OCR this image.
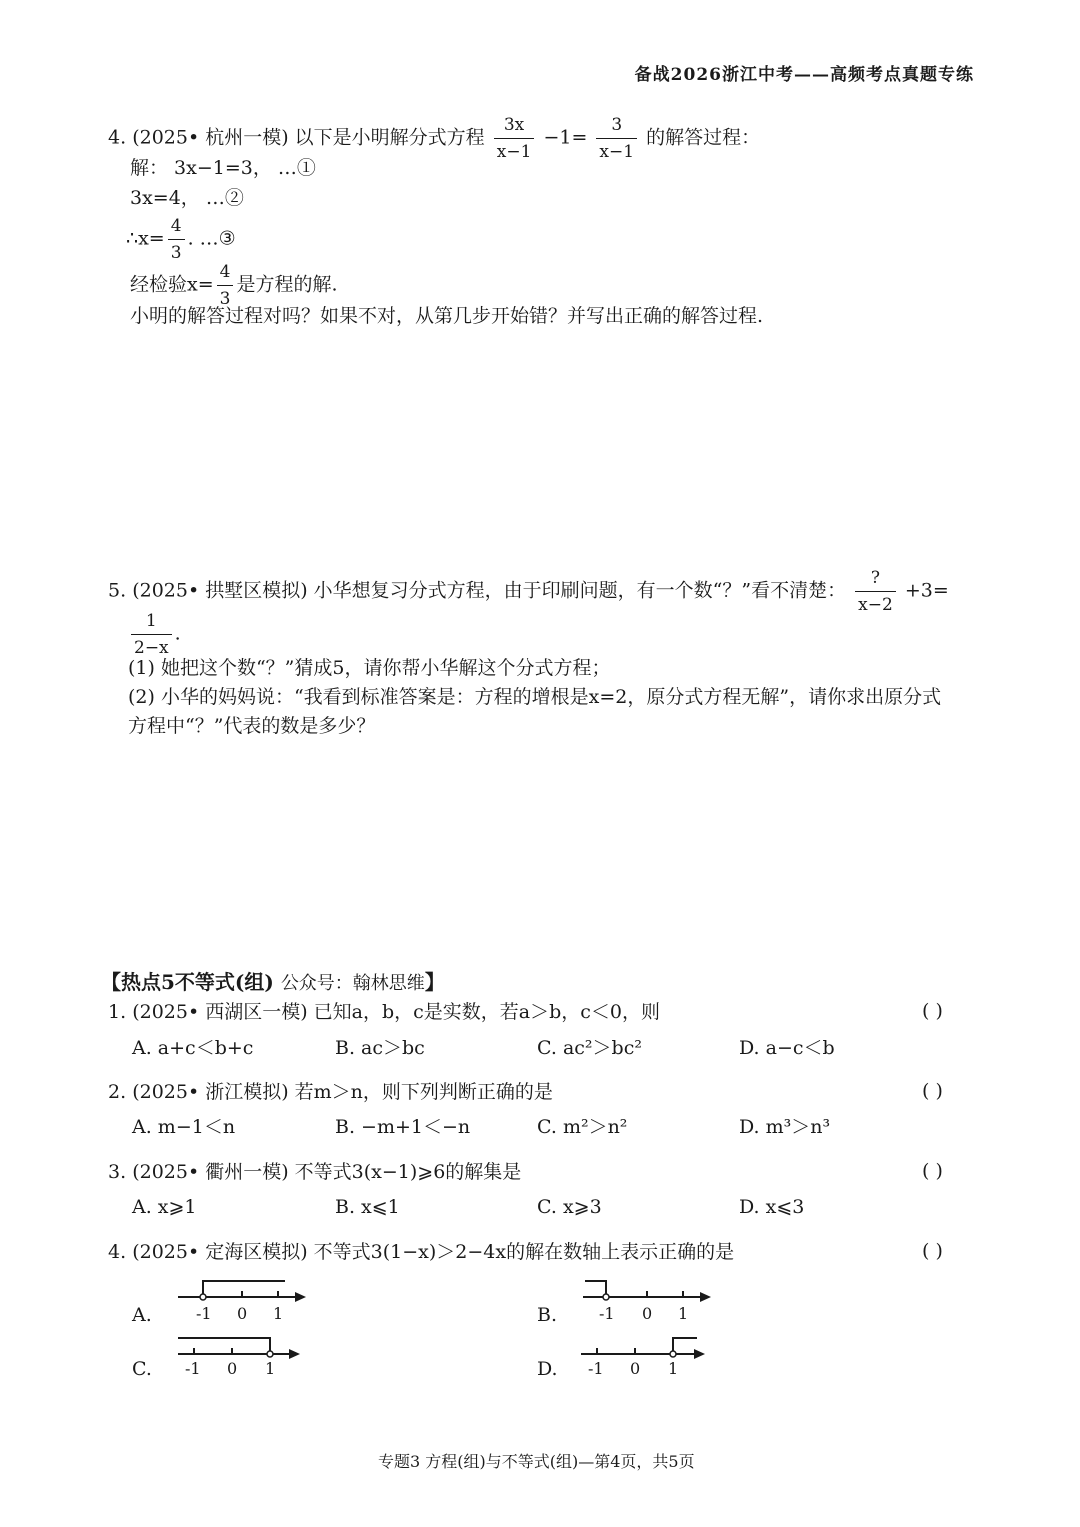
备战2026浙江中考——高频考点真题专练
4. (2025• 杭州一模) 以下是小明解分式方程 $\frac{3x}{x-1} -1= \frac{3}{x-1}$ 的解答过程：
解： 3x−1=3， …①
3x=4， …②
∴x= $\frac{4}{3}$ . …③
经检验$x= \frac{4}{3}$ 是方程的解.
小明的解答过程对吗？如果不对，从第几步开始错？并写出正确的解答过程.
5. (2025• 拱墅区模拟) 小华想复习分式方程，由于印刷问题，有一个数“？”看不清楚： $\frac{?}{x-2} +3=$
$\frac{1}{2-x}$ .
(1) 她把这个数“？”猜成5，请你帮小华解这个分式方程；
(2) 小华的妈妈说：“我看到标准答案是：方程的增根是x=2，原分式方程无解”，请你求出原分式
方程中“？”代表的数是多少？
【热点5不等式(组) 公众号：翰林思维】
1. (2025• 西湖区一模) 已知a，b，c是实数，若a＞b，c＜0，则	( )
A. a+c＜b+c	B. ac＞bc	C. ac²＞bc²	D. a−c＜b
2. (2025• 浙江模拟) 若m＞n，则下列判断正确的是	( )
A. m−1＜n	B. −m+1＜−n	C. m²＞n²	D. m³＞n³
3. (2025• 衢州一模) 不等式3(x−1)⩾6的解集是	( )
A. x⩾1	B. x⩽1	C. x⩾3	D. x⩽3
4. (2025• 定海区模拟) 不等式3(1−x)＞2−4x的解在数轴上表示正确的是	( )
A.	B.
C.	D.
-1 0 1	-1 0 1
-1 0 1	-1 0 1
专题3 方程(组)与不等式(组)—第4页，共5页
